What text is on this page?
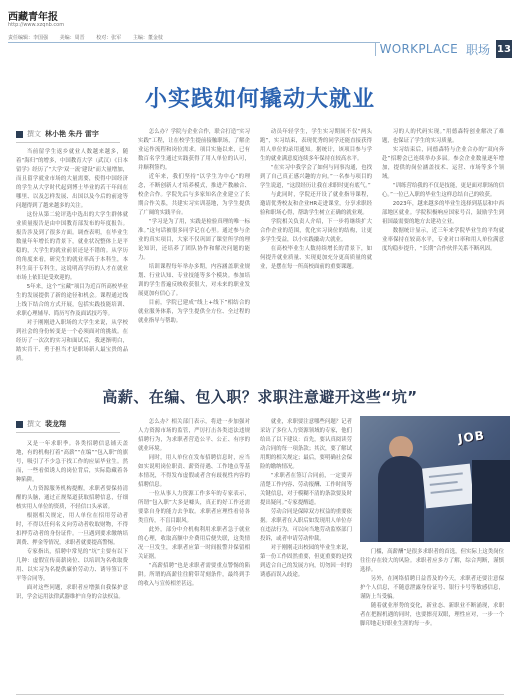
西藏青年报
http://www.xzqnb.com
责任编辑：李国强 美编：周晋 校对：张军 主编：董金枝
WORKPLACE 职场 13
小实践如何撬动大就业
撰文 林小艳 朱丹 雷宇

当前留学生返乡就业人数越来越多，随着“海归”的增多，中国教育大学（武汉）《日本留学》经历了“大学‘双一流’建设”而大量增加，而且留学就业市场的大量需要，使得中国经济的学生从大学时代起到博士毕业的若干年间在哪里、以及怎样发展、出国以及今后的前途等问题得到了越来越多的关注。

这份从第二轮评选中选出的大学生群体就业质量报告是由中国教育部发布的年度报告。报告涉及到了很多方面。调查表明，在毕业生数量年年增长的背景下，就业状况整体上是平稳的，大学生的就业前景还是不错的。从学历的角度来看，研究生的就业率高于本科生，本科生高于专科生，这说明高学历的人才在就业市场上依旧是受欢迎的。

5年来，这个“宝藏”项目为近百所高校毕业生的发展提供了新的途径和机会。课程通过线上线下结合的方式开展，包括实践技能培训、求职心理辅导、简历写作及面试技巧等。

对于刚刚进入职场的大学生来说，从学校到社会的身份转变是一个必须面对的挑战。在经历了一次次的实习和面试后，我逐渐明白，踏实肯干、勇于担当才是职场新人最宝贵的品质。

怎么办？学院与企业合作，联合打造“实习实践”工程，让在校学生提前接触职场，了解企业运作流程和岗位需求。项目实施以来，已有数百名学生通过实践获得了用人单位的认可，并顺利签约。

近年来，我们坚持“以学生为中心”的理念，不断创新人才培养模式，推进产教融合、校企合作。学院先后与多家知名企业建立了长期合作关系，共建实习实训基地，为学生提供了广阔的实践平台。

“学习是为了用，实践是检验真理的唯一标准。”这句话被很多同学记在心里。通过参与企业的真实项目，大家不仅巩固了课堂所学的理论知识，还培养了团队协作和解决问题的能力。

培训课程每年举办多期，内容涵盖职业规划、行业认知、专业技能等多个模块。参加培训的学生普遍反映收获很大，对未来的职业发展更加有信心了。

目前，学院已建成“线上+线下”相结合的就业服务体系，为学生提供全方位、全过程的就业指导与帮助。

动员年轻学生，学生实习期间不仅“两头跑”，实习结束，表现优秀的同学还能直接获得用人单位的录用通知。据统计，该项目参与学生的就业满意度连续多年保持在较高水平。

“在实习中我学会了如何与同事沟通，也找到了自己真正感兴趣的方向。”一名参与项目的学生说道，“这段经历让我在求职时更有底气。”

与此同时，学院还开设了就业指导课程，邀请优秀校友和企业HR走进课堂，分享求职经验和职场心得，帮助学生树立正确的就业观。

学院相关负责人介绍，下一步将继续扩大合作企业的范围，优化实习岗位的结构，让更多学生受益，以小实践撬动大就业。

在高校毕业生人数持续增长的背景下，如何提升就业质量、实现更加充分更高质量的就业，是摆在每一所高校面前的重要课题。

习的人的代码实现。”用德森特创业解决了难题，也保证了学生的实习质量。

实习结束后，同德森特与企业合办的“双向奔赴”招聘会已连续举办多届。参会企业数量逐年增加，提供的岗位涵盖技术、运营、市场等多个领域。

“训练营给我的不仅是技能，更是面对职场的信心。”一位已入职的毕业生这样总结自己的收获。

2023年，越来越多的毕业生选择到基层和中西部地区就业。学院积极响应国家号召，鼓励学生到祖国最需要的地方去建功立业。

数据统计显示，近三年来学院毕业生的平均就业率保持在较高水平，专业对口率和用人单位满意度均稳步提升，“长期”合作伙伴关系不断巩固。

高薪、在编、包入职？求职注意避开这些“坑”
撰文 裴龙翔

又是一年求职季。各类招聘信息铺天盖地，有的机构打着“高薪”“在编”“包入职”的旗号，吸引了不少急于找工作的应届毕业生。然而，一些看似诱人的岗位背后，实际隐藏着各种陷阱。

人力资源服务机构提醒，求职者要保持清醒的头脑，通过正规渠道获取招聘信息，仔细核实用人单位的资质，不轻信口头承诺。

根据相关规定，用人单位在招用劳动者时，不得以任何名义向劳动者收取财物，不得扣押劳动者的身份证件。一旦遇到要求缴纳培训费、押金等情况，求职者就要提高警惕。

专家指出，招聘中常见的“坑”主要有以下几种：虚假宣传高薪岗位、以培训为名收取费用、以实习为名提供廉价劳动力、诱导签订不平等合同等。

面对这些问题，求职者应增强自我保护意识，学会运用法律武器维护自身的合法权益。

怎么办？相关部门表示，将进一步加强对人力资源市场的监管，严厉打击各类违法违规招聘行为，为求职者营造公平、公正、有序的就业环境。

同时，用人单位在发布招聘信息时，应当如实说明岗位职责、薪资待遇、工作地点等基本情况，不得发布虚假或者含有歧视性内容的招聘信息。

一位从事人力资源工作多年的专家表示，所谓“包入职”大多是噱头，真正的好工作还需要靠自身的能力去争取。求职者应理性看待各类宣传，不盲目跟风。

此外，部分中介机构利用求职者急于就业的心理，收取高额中介费用后便失联，这类情况一旦发生，求职者应第一时间报警并保留相关证据。

“高薪招聘”也是求职者需要重点警惕的陷阱。所谓的高薪往往附带苛刻条件，最终到手的收入与宣传相差甚远。

就业，求职要注意哪些问题？记者采访了多位人力资源领域的专家，他们给出了以下建议：首先，要认真阅读劳动合同的每一项条款；其次，要了解试用期的相关规定；最后，要明确社会保险的缴纳情况。

“求职者在签订合同前，一定要弄清楚工作内容、劳动报酬、工作时间等关键信息，对于模糊不清的条款要及时提出疑问。”专家提醒道。

劳动合同是保障双方权益的重要依据。求职者在入职后如发现用人单位存在违法行为，可以向当地劳动监察部门投诉，或者申请劳动仲裁。

对于刚刚走出校园的毕业生来说，第一份工作固然重要，但更重要的是找到适合自己的发展方向，切勿因一时的诱惑而误入歧途。

JOB

门槛，高薪酬”是很多求职者的首选，但实际上这类岗位往往存在较大的风险。求职者应多方了解，综合判断，谨慎选择。

另外，在网络招聘日益普及的今天，求职者还要注意保护个人信息，不随意泄露身份证号、银行卡号等敏感信息，谨防上当受骗。

随着就业形势的变化，新业态、新职业不断涌现，求职者在把握机遇的同时，也要擦亮双眼，理性应对，一步一个脚印地走好职业生涯的每一步。
